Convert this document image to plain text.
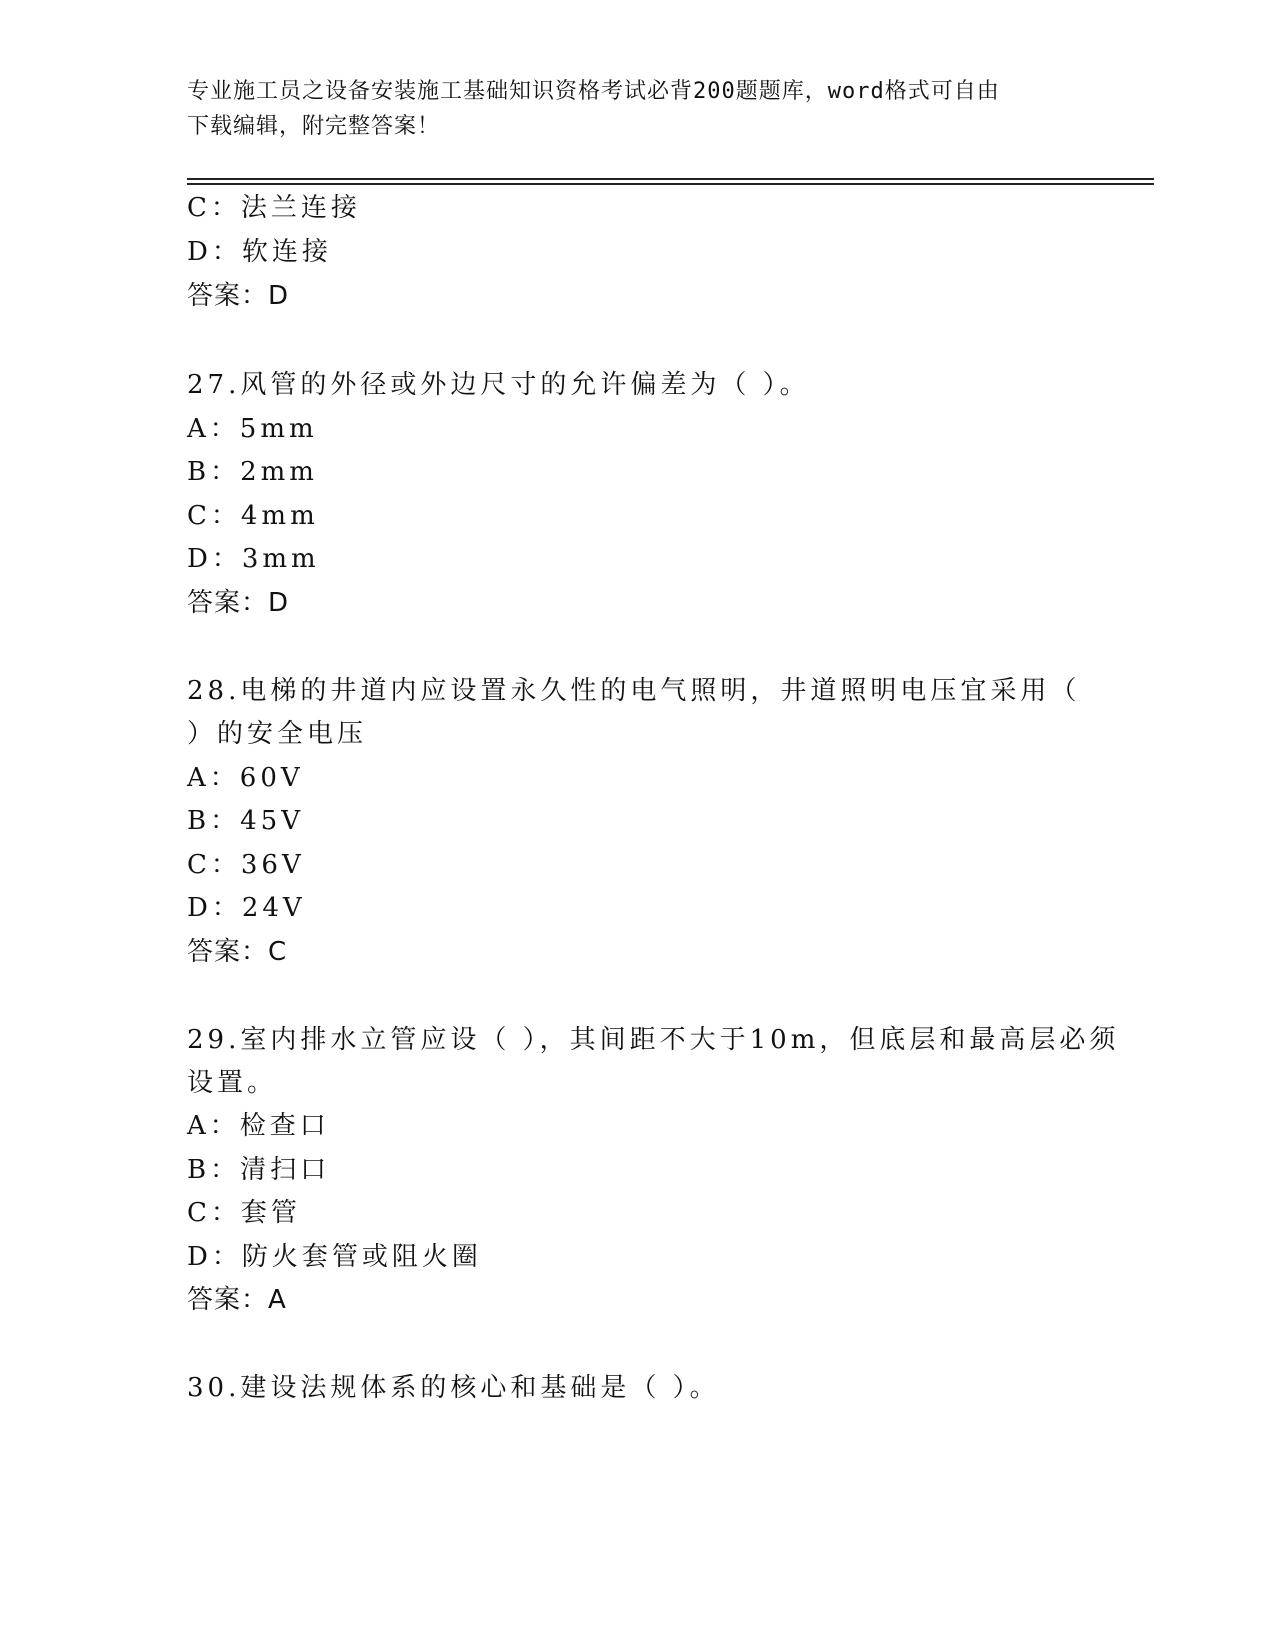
专业施工员之设备安装施工基础知识资格考试必背200题题库，word格式可自由
下载编辑，附完整答案！
C：法兰连接
D：软连接
答案：D
27.风管的外径或外边尺寸的允许偏差为（ ）。
A：5mm
B：2mm
C：4mm
D：3mm
答案：D
28.电梯的井道内应设置永久性的电气照明，井道照明电压宜采用（
）的安全电压
A：60V
B：45V
C：36V
D：24V
答案：C
29.室内排水立管应设（ ），其间距不大于10m，但底层和最高层必须
设置。
A：检查口
B：清扫口
C：套管
D：防火套管或阻火圈
答案：A
30.建设法规体系的核心和基础是（ ）。
